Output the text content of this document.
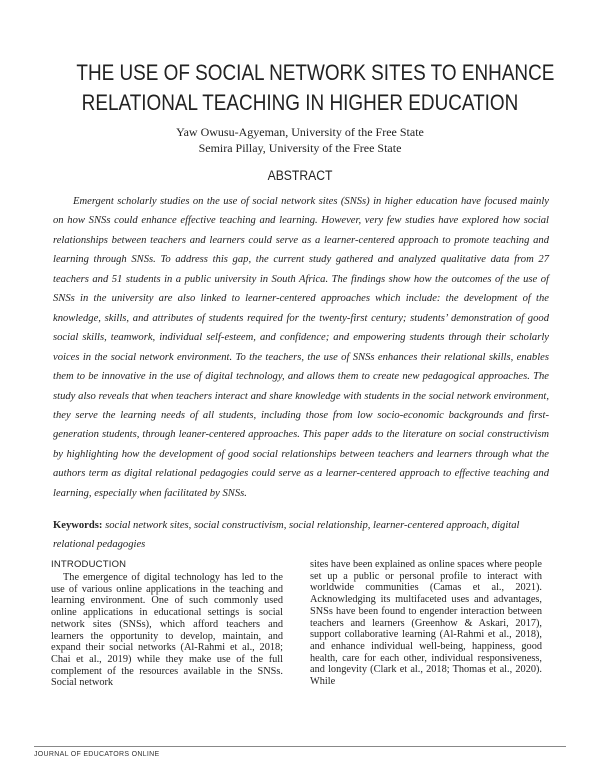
THE USE OF SOCIAL NETWORK SITES TO ENHANCE
RELATIONAL TEACHING IN HIGHER EDUCATION
Yaw Owusu-Agyeman, University of the Free State
Semira Pillay, University of the Free State
ABSTRACT

Emergent scholarly studies on the use of social network sites (SNSs) in higher education have focused mainly on how SNSs could enhance effective teaching and learning. However, very few studies have explored how social relationships between teachers and learners could serve as a learner-centered approach to promote teaching and learning through SNSs. To address this gap, the current study gathered and analyzed qualitative data from 27 teachers and 51 students in a public university in South Africa. The findings show how the outcomes of the use of SNSs in the university are also linked to learner-centered approaches which include: the development of the knowledge, skills, and attributes of students required for the twenty-first century; students’ demonstration of good social skills, teamwork, individual self-esteem, and confidence; and empowering students through their scholarly voices in the social network environment. To the teachers, the use of SNSs enhances their relational skills, enables them to be innovative in the use of digital technology, and allows them to create new pedagogical approaches. The study also reveals that when teachers interact and share knowledge with students in the social network environment, they serve the learning needs of all students, including those from low socio-economic backgrounds and first-generation students, through leaner-centered approaches. This paper adds to the literature on social constructivism by highlighting how the development of good social relationships between teachers and learners through what the authors term as digital relational pedagogies could serve as a learner-centered approach to effective teaching and learning, especially when facilitated by SNSs.

Keywords: social network sites, social constructivism, social relationship, learner-centered approach, digital relational pedagogies
INTRODUCTION

The emergence of digital technology has led to the use of various online applications in the teaching and learning environment. One of such commonly used online applications in educational settings is social network sites (SNSs), which afford teachers and learners the opportunity to develop, maintain, and expand their social networks (Al-Rahmi et al., 2018; Chai et al., 2019) while they make use of the full complement of the resources available in the SNSs. Social network

sites have been explained as online spaces where people set up a public or personal profile to interact with worldwide communities (Camas et al., 2021). Acknowledging its multifaceted uses and advantages, SNSs have been found to engender interaction between teachers and learners (Greenhow & Askari, 2017), support collaborative learning (Al-Rahmi et al., 2018), and enhance individual well-being, happiness, good health, care for each other, individual responsiveness, and longevity (Clark et al., 2018; Thomas et al., 2020). While

JOURNAL OF EDUCATORS ONLINE
